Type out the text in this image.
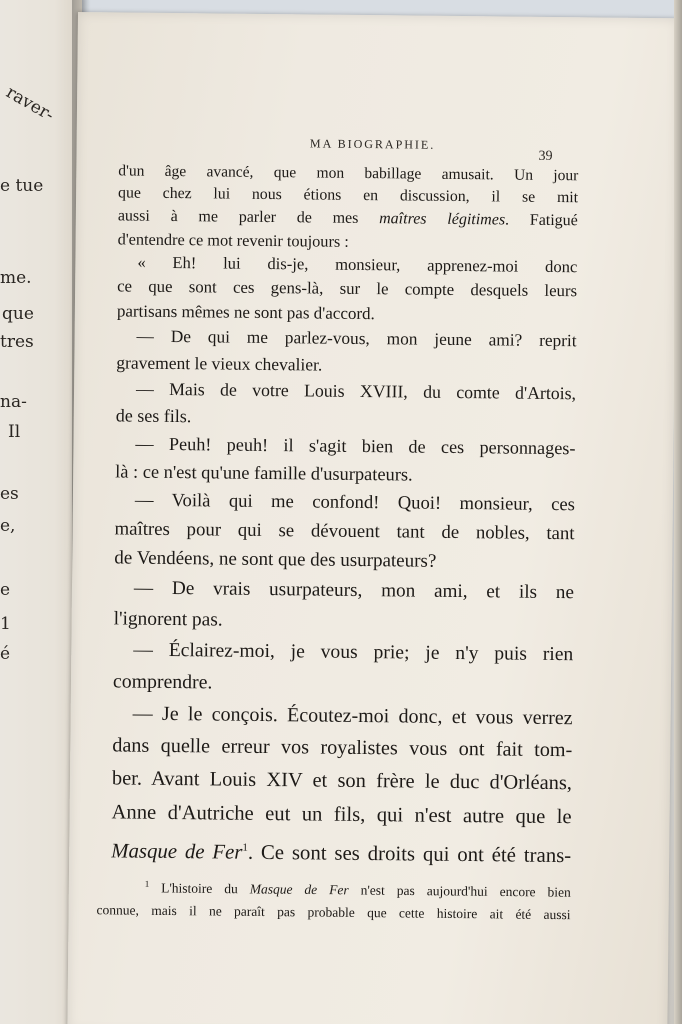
raver-
e tue
me.
que
tres
na-
Il
es
e,
e
1
é
MA BIOGRAPHIE.
39
d'un âge avancé, que mon babillage amusait. Un jour
que chez lui nous étions en discussion, il se mit
aussi à me parler de mes maîtres légitimes. Fatigué
d'entendre ce mot revenir toujours :
« Eh! lui dis-je, monsieur, apprenez-moi donc
ce que sont ces gens-là, sur le compte desquels leurs
partisans mêmes ne sont pas d'accord.
— De qui me parlez-vous, mon jeune ami? reprit
gravement le vieux chevalier.
— Mais de votre Louis XVIII, du comte d'Artois,
de ses fils.
— Peuh! peuh! il s'agit bien de ces personnages-
là : ce n'est qu'une famille d'usurpateurs.
— Voilà qui me confond! Quoi! monsieur, ces
maîtres pour qui se dévouent tant de nobles, tant
de Vendéens, ne sont que des usurpateurs?
— De vrais usurpateurs, mon ami, et ils ne
l'ignorent pas.
— Éclairez-moi, je vous prie; je n'y puis rien
comprendre.
— Je le conçois. Écoutez-moi donc, et vous verrez
dans quelle erreur vos royalistes vous ont fait tom-
ber. Avant Louis XIV et son frère le duc d'Orléans,
Anne d'Autriche eut un fils, qui n'est autre que le
Masque de Fer$^1$. Ce sont ses droits qui ont été trans-
$^1$ L'histoire du Masque de Fer n'est pas aujourd'hui encore bien
connue, mais il ne paraît pas probable que cette histoire ait été aussi
